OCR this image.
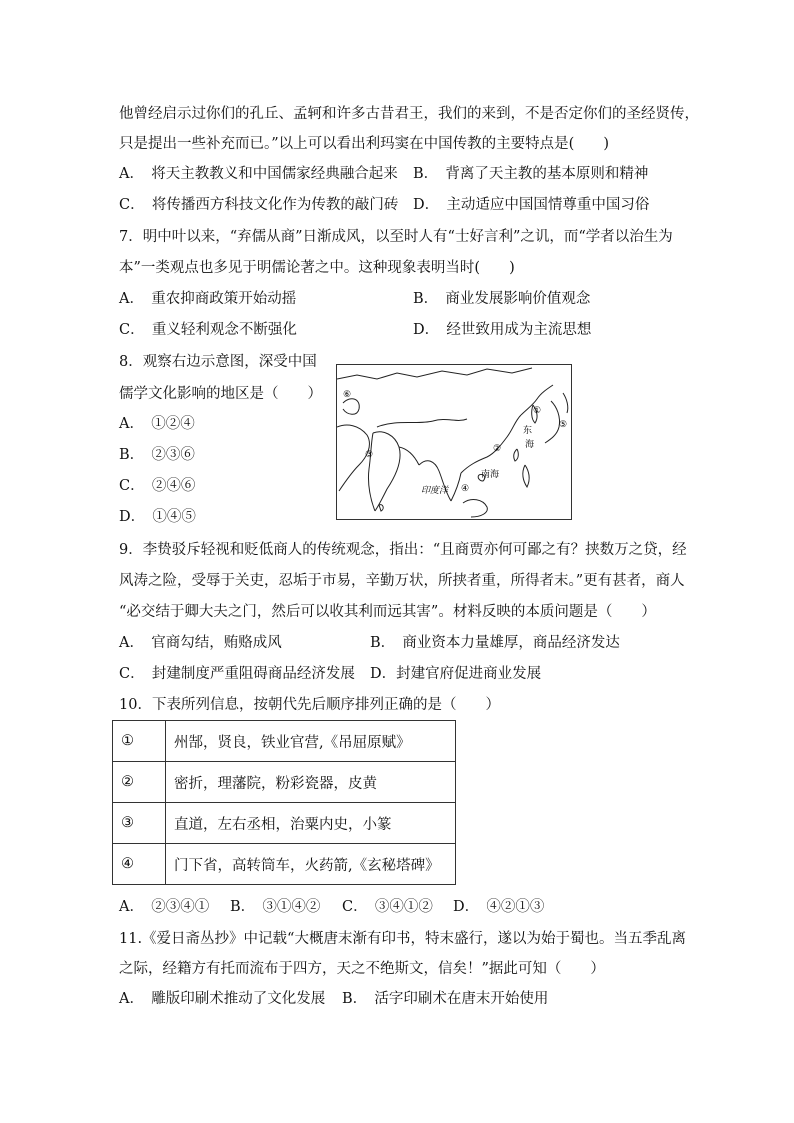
他曾经启示过你们的孔丘、孟轲和许多古昔君王，我们的来到，不是否定你们的圣经贤传，
只是提出一些补充而已。”以上可以看出利玛窦在中国传教的主要特点是(　　)
A．　将天主教教义和中国儒家经典融合起来 B．　背离了天主教的基本原则和精神
C．　将传播西方科技文化作为传教的敲门砖 D．　主动适应中国国情尊重中国习俗
7．明中叶以来，“弃儒从商”日渐成风，以至时人有“士好言利”之讥，而“学者以治生为
本”一类观点也多见于明儒论著之中。这种现象表明当时(　　)
A．　重农抑商政策开始动摇	B．　商业发展影响价值观念
C．　重义轻利观念不断强化	D．　经世致用成为主流思想
8．观察右边示意图，深受中国
儒学文化影响的地区是（　　）
A．　①②④
B．　②③⑥
C．　②④⑥
D．　①④⑤
⑥
②
①
⑤
③
④
东
海
南海
印度洋
9．李贽驳斥轻视和贬低商人的传统观念，指出：“且商贾亦何可鄙之有？挟数万之贷，经
风涛之险，受辱于关吏，忍垢于市易，辛勤万状，所挟者重，所得者末。”更有甚者，商人
“必交结于卿大夫之门，然后可以收其利而远其害”。材料反映的本质问题是（　　）
A．　官商勾结，贿赂成风	B．　商业资本力量雄厚，商品经济发达
C．　封建制度严重阻碍商品经济发展 D．封建官府促进商业发展
10．下表所列信息，按朝代先后顺序排列正确的是（　　）
①	州郜，贤良，铁业官营,《吊屈原赋》
②	密折，理藩院，粉彩瓷器，皮黄
③	直道，左右丞相，治粟内史，小篆
④	门下省，高转筒车，火药箭,《玄秘塔碑》
A．　②③④① B．　③①④② C．　③④①② D．　④②①③
11.《爱日斋丛抄》中记载“大概唐末渐有印书，特末盛行，遂以为始于蜀也。当五季乱离
之际，经籍方有托而流布于四方，天之不绝斯文，信矣！”据此可知（　　）
A．　雕版印刷术推动了文化发展 B．　活字印刷术在唐末开始使用
